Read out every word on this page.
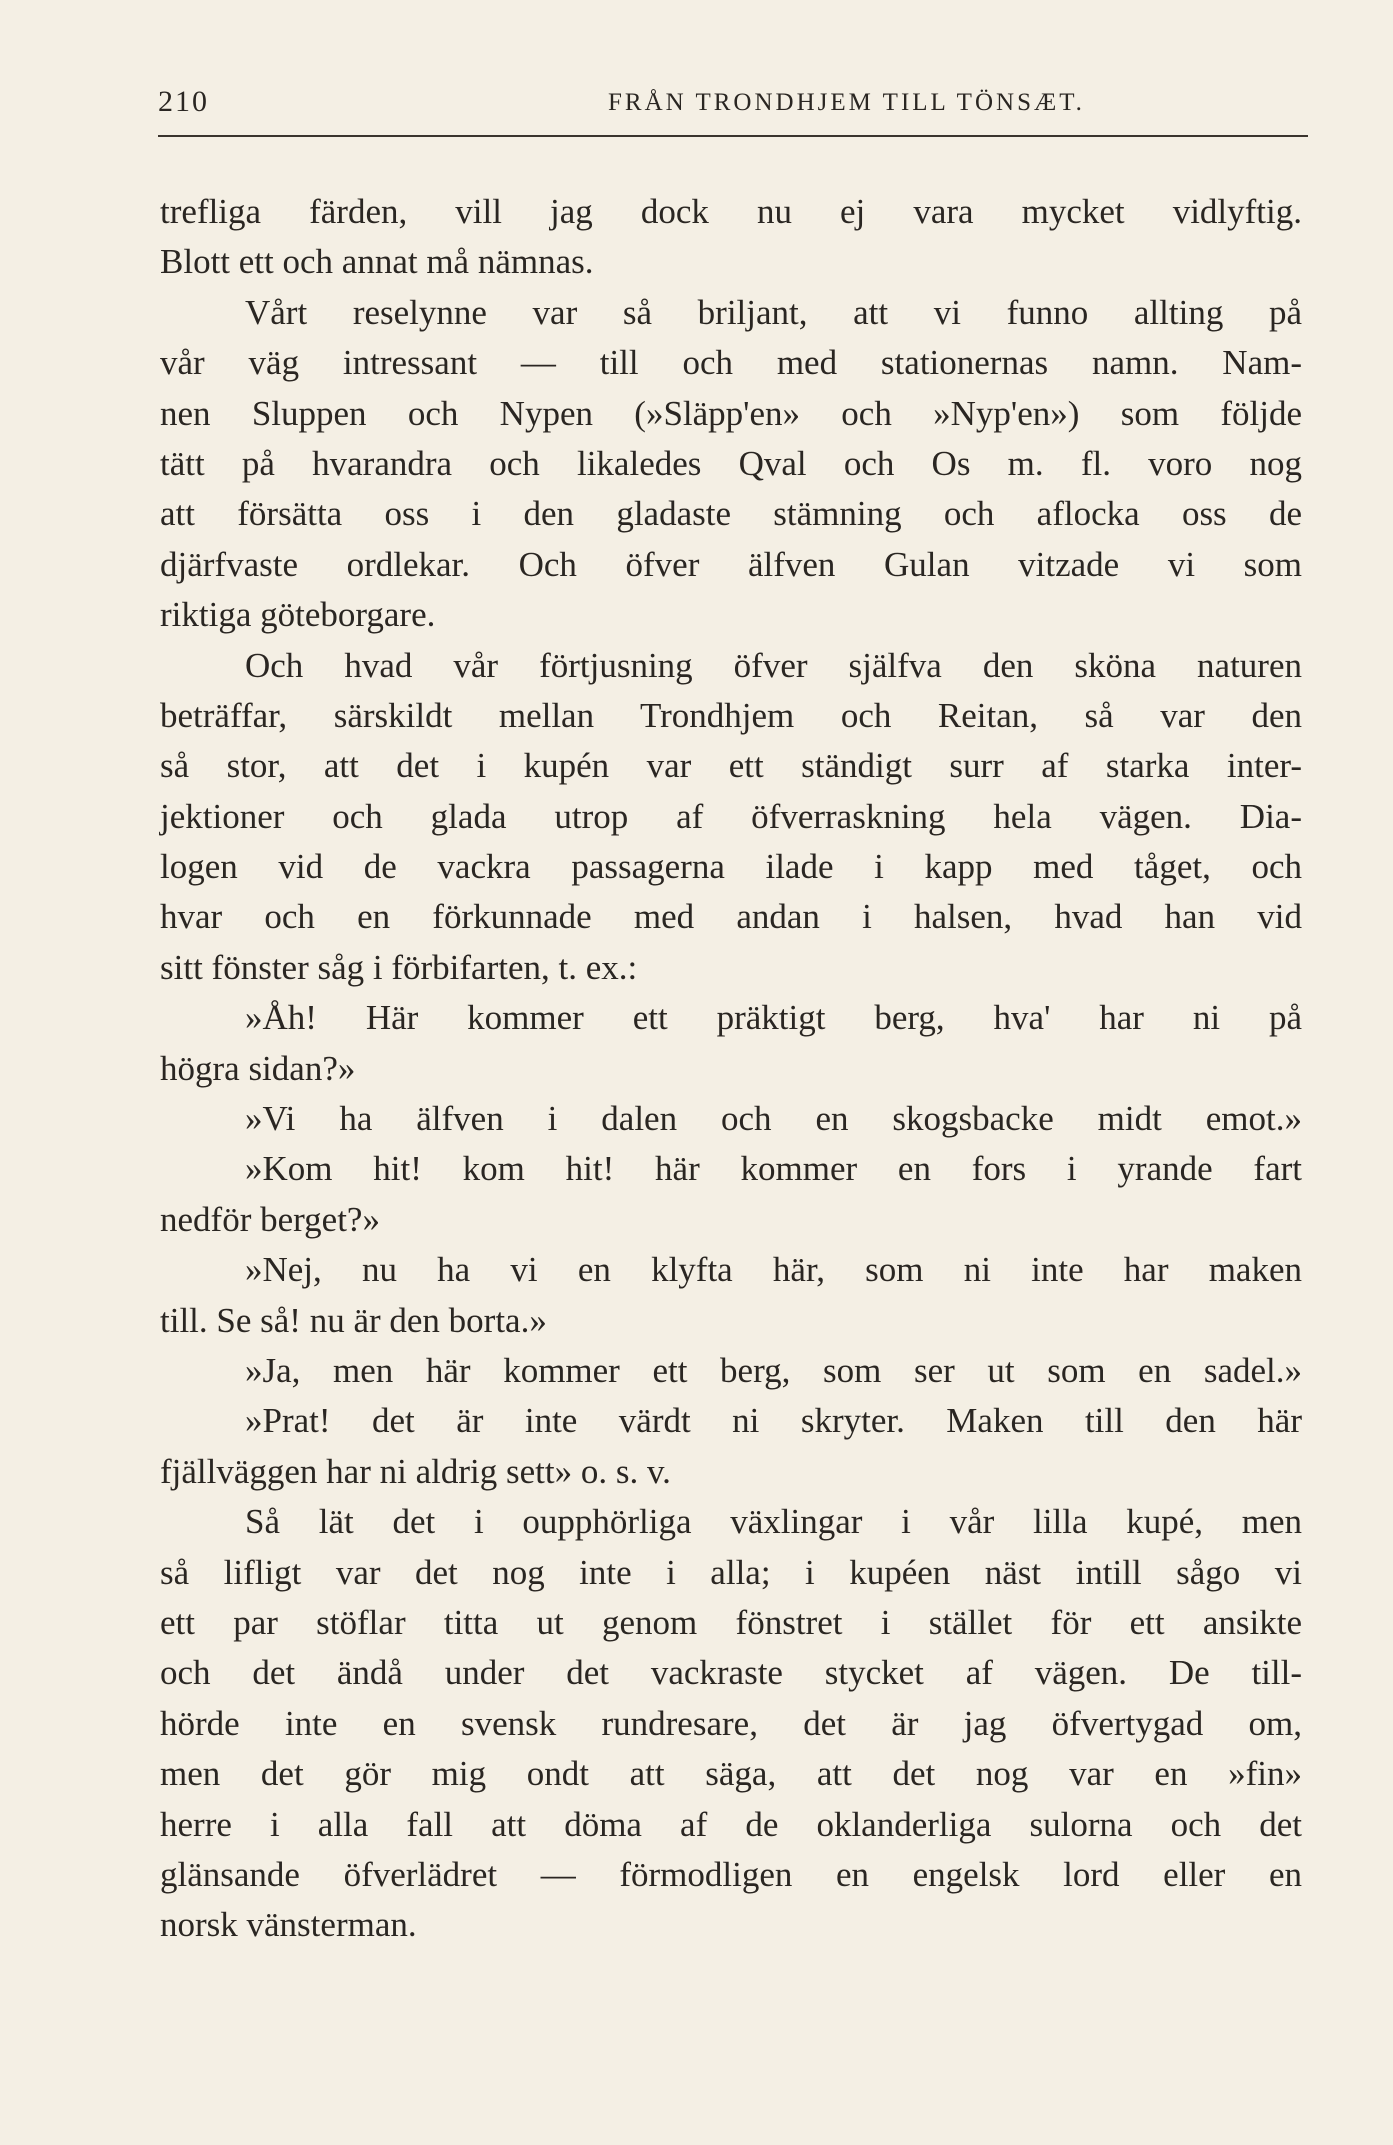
210	FRÅN TRONDHJEM TILL TÖNSÆT.
trefliga färden, vill jag dock nu ej vara mycket vidlyftig.
Blott ett och annat må nämnas.
Vårt reselynne var så briljant, att vi funno allting på
vår väg intressant — till och med stationernas namn. Nam-
nen Sluppen och Nypen (»Släpp'en» och »Nyp'en») som följde
tätt på hvarandra och likaledes Qval och Os m. fl. voro nog
att försätta oss i den gladaste stämning och aflocka oss de
djärfvaste ordlekar. Och öfver älfven Gulan vitzade vi som
riktiga göteborgare.
Och hvad vår förtjusning öfver själfva den sköna naturen
beträffar, särskildt mellan Trondhjem och Reitan, så var den
så stor, att det i kupén var ett ständigt surr af starka inter-
jektioner och glada utrop af öfverraskning hela vägen. Dia-
logen vid de vackra passagerna ilade i kapp med tåget, och
hvar och en förkunnade med andan i halsen, hvad han vid
sitt fönster såg i förbifarten, t. ex.:
»Åh! Här kommer ett präktigt berg, hva' har ni på
högra sidan?»
»Vi ha älfven i dalen och en skogsbacke midt emot.»
»Kom hit! kom hit! här kommer en fors i yrande fart
nedför berget?»
»Nej, nu ha vi en klyfta här, som ni inte har maken
till. Se så! nu är den borta.»
»Ja, men här kommer ett berg, som ser ut som en sadel.»
»Prat! det är inte värdt ni skryter. Maken till den här
fjällväggen har ni aldrig sett» o. s. v.
Så lät det i oupphörliga växlingar i vår lilla kupé, men
så lifligt var det nog inte i alla; i kupéen näst intill sågo vi
ett par stöflar titta ut genom fönstret i stället för ett ansikte
och det ändå under det vackraste stycket af vägen. De till-
hörde inte en svensk rundresare, det är jag öfvertygad om,
men det gör mig ondt att säga, att det nog var en »fin»
herre i alla fall att döma af de oklanderliga sulorna och det
glänsande öfverlädret — förmodligen en engelsk lord eller en
norsk vänsterman.
